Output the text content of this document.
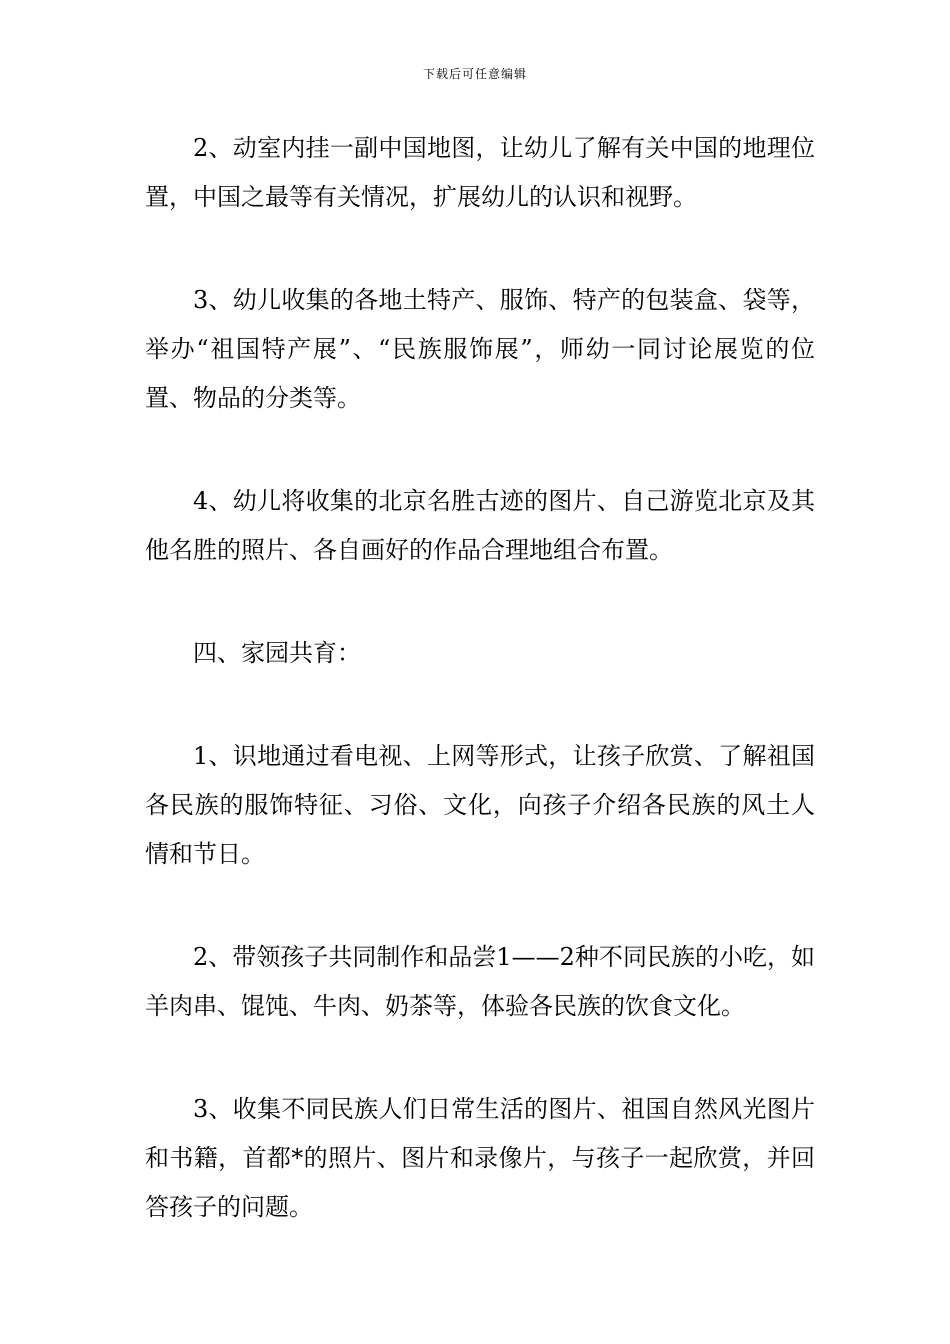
下载后可任意编辑

2、动室内挂一副中国地图，让幼儿了解有关中国的地理位置，中国之最等有关情况，扩展幼儿的认识和视野。

3、幼儿收集的各地土特产、服饰、特产的包装盒、袋等，举办“祖国特产展”、“民族服饰展”，师幼一同讨论展览的位置、物品的分类等。

4、幼儿将收集的北京名胜古迹的图片、自己游览北京及其他名胜的照片、各自画好的作品合理地组合布置。

四、家园共育：

1、识地通过看电视、上网等形式，让孩子欣赏、了解祖国各民族的服饰特征、习俗、文化，向孩子介绍各民族的风土人情和节日。

2、带领孩子共同制作和品尝1——2种不同民族的小吃，如羊肉串、馄饨、牛肉、奶茶等，体验各民族的饮食文化。

3、收集不同民族人们日常生活的图片、祖国自然风光图片和书籍，首都*的照片、图片和录像片，与孩子一起欣赏，并回答孩子的问题。
